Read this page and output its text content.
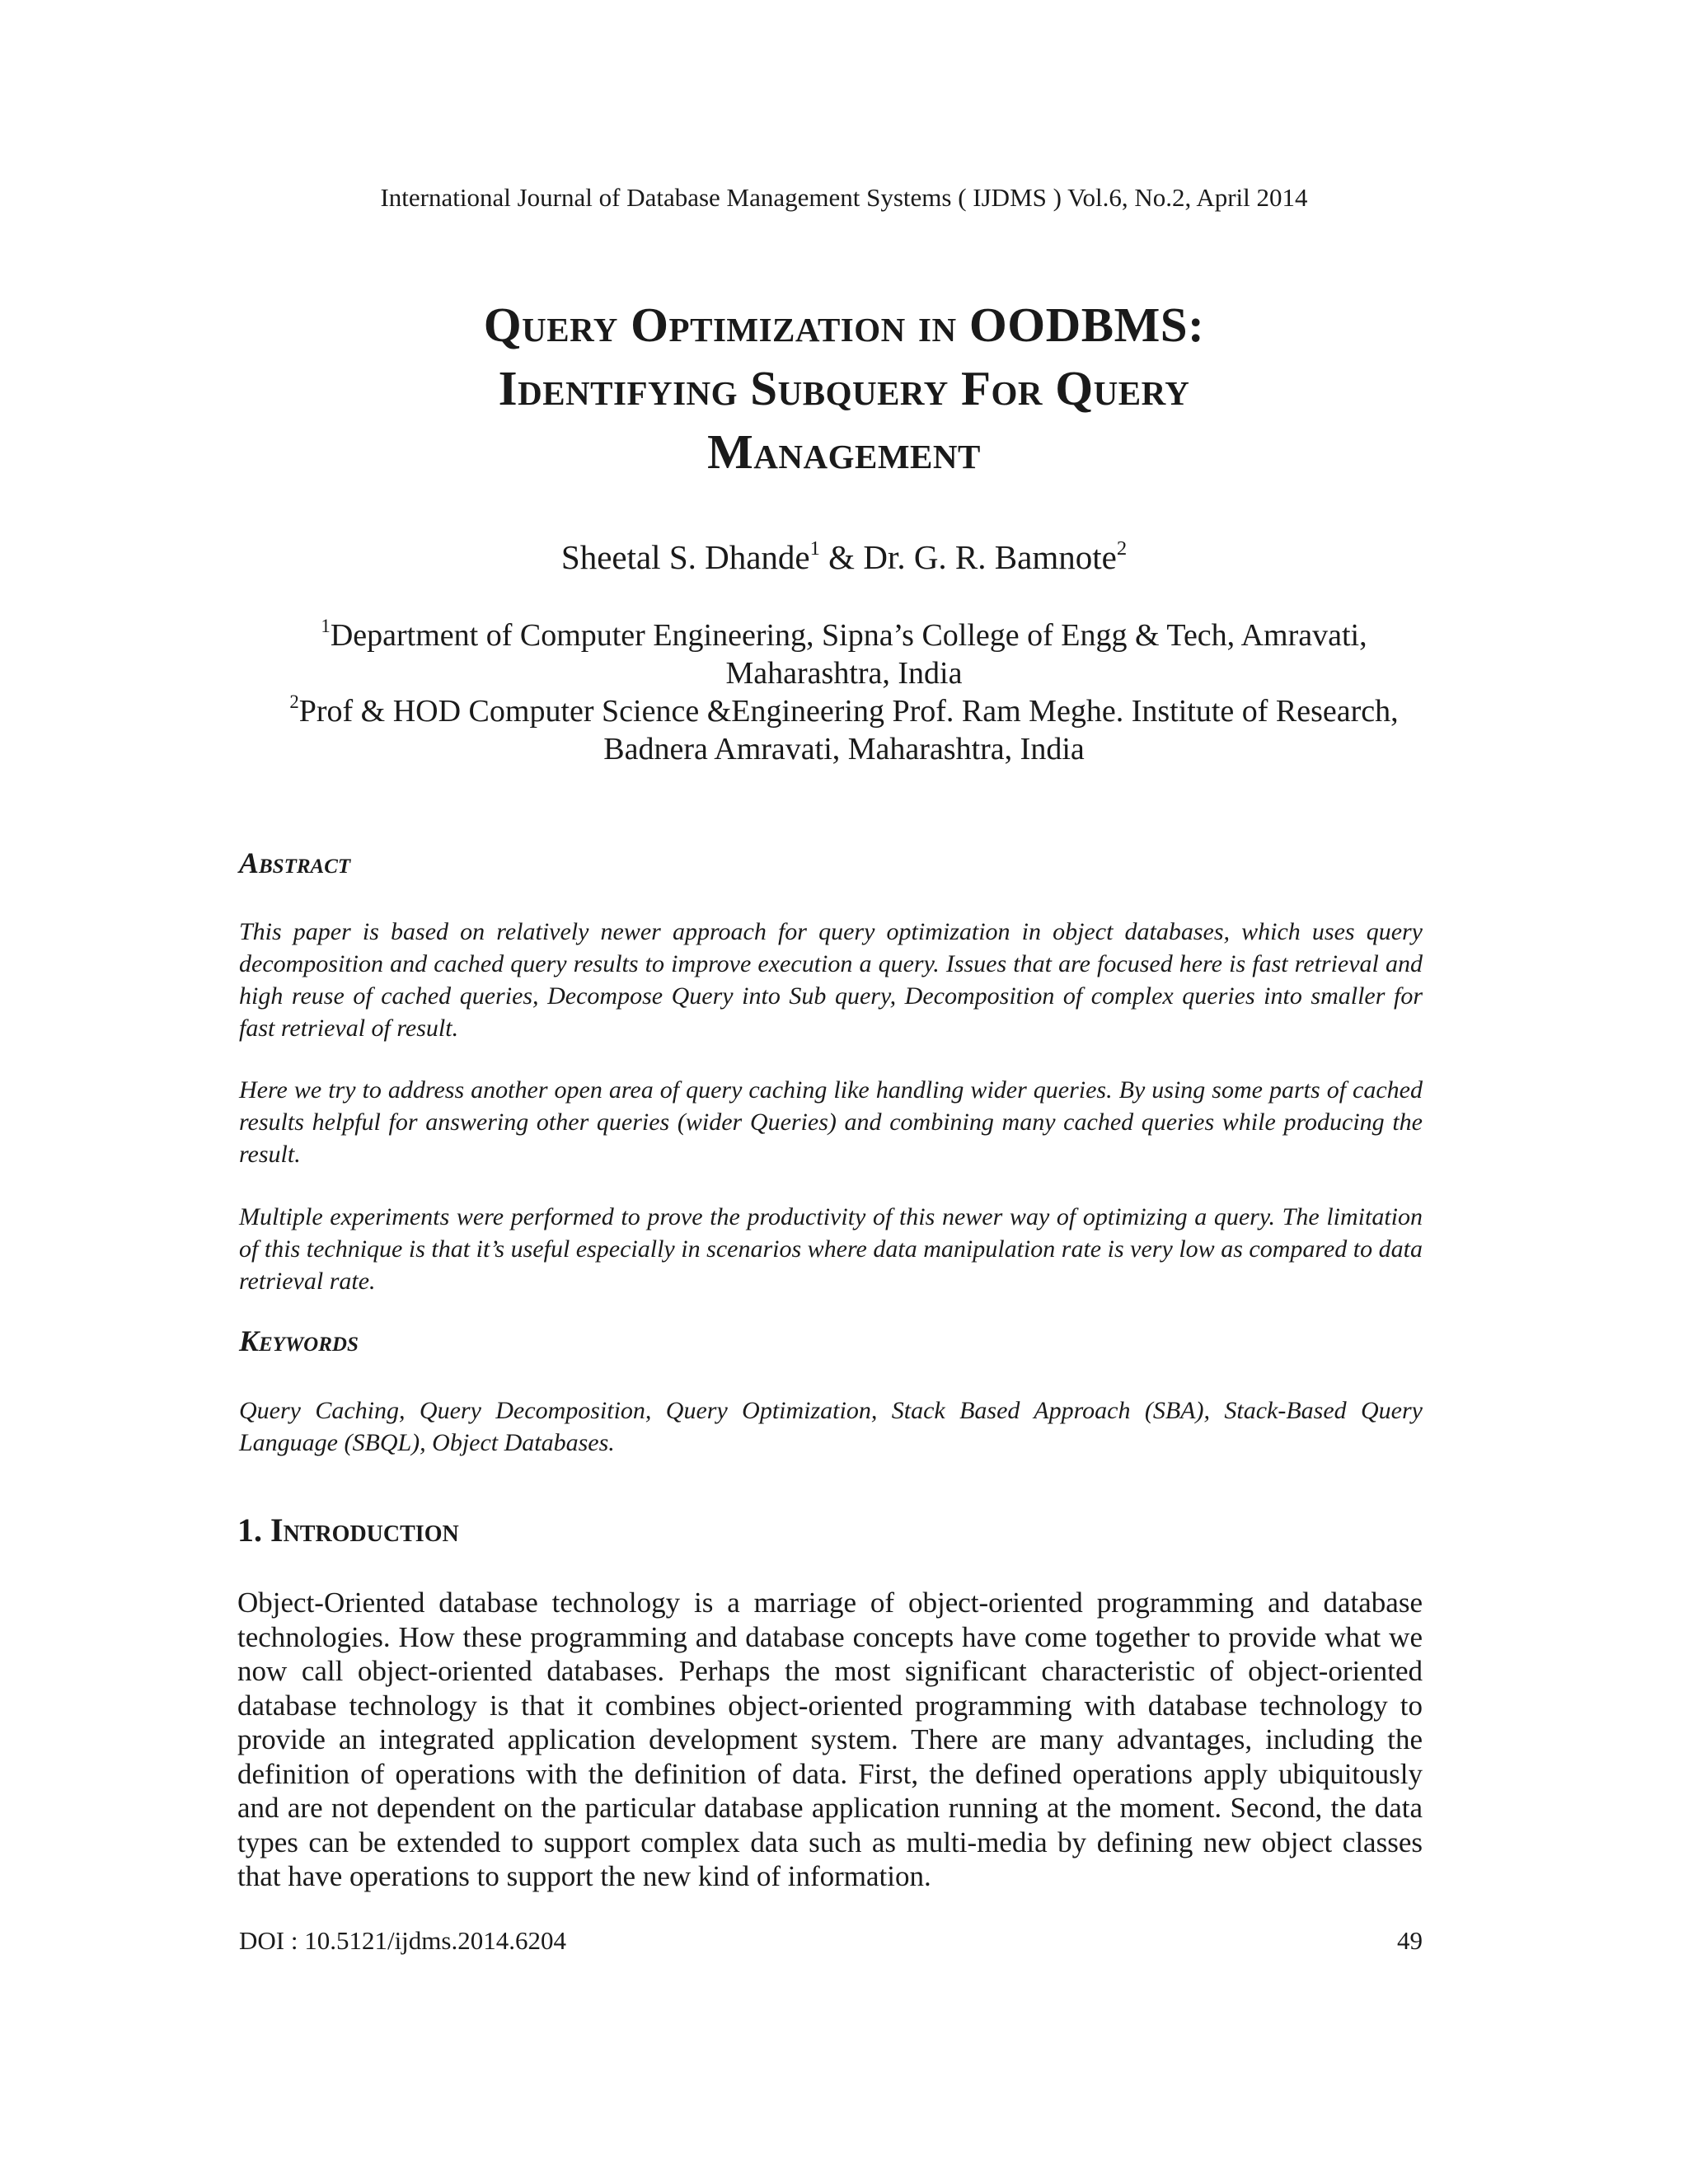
International Journal of Database Management Systems ( IJDMS ) Vol.6, No.2, April 2014
Query Optimization in OODBMS:
Identifying Subquery For Query
Management
Sheetal S. Dhande$^1$ & Dr. G. R. Bamnote$^2$
$^1$Department of Computer Engineering, Sipna’s College of Engg & Tech, Amravati,
Maharashtra, India
$^2$Prof & HOD Computer Science &Engineering Prof. Ram Meghe. Institute of Research,
Badnera Amravati, Maharashtra, India
Abstract
This paper is based on relatively newer approach for query optimization in object databases, which uses query decomposition and cached query results to improve execution a query. Issues that are focused here is fast retrieval and high reuse of cached queries, Decompose Query into Sub query, Decomposition of complex queries into smaller for fast retrieval of result.
Here we try to address another open area of query caching like handling wider queries. By using some parts of cached results helpful for answering other queries (wider Queries) and combining many cached queries while producing the result.
Multiple experiments were performed to prove the productivity of this newer way of optimizing a query. The limitation of this technique is that it’s useful especially in scenarios where data manipulation rate is very low as compared to data retrieval rate.
Keywords
Query Caching, Query Decomposition, Query Optimization, Stack Based Approach (SBA), Stack-Based Query Language (SBQL), Object Databases.
1. Introduction
Object-Oriented database technology is a marriage of object-oriented programming and database technologies. How these programming and database concepts have come together to provide what we now call object-oriented databases. Perhaps the most significant characteristic of object-oriented database technology is that it combines object-oriented programming with database technology to provide an integrated application development system. There are many advantages, including the definition of operations with the definition of data. First, the defined operations apply ubiquitously and are not dependent on the particular database application running at the moment. Second, the data types can be extended to support complex data such as multi-media by defining new object classes that have operations to support the new kind of information.
DOI : 10.5121/ijdms.2014.6204	49
